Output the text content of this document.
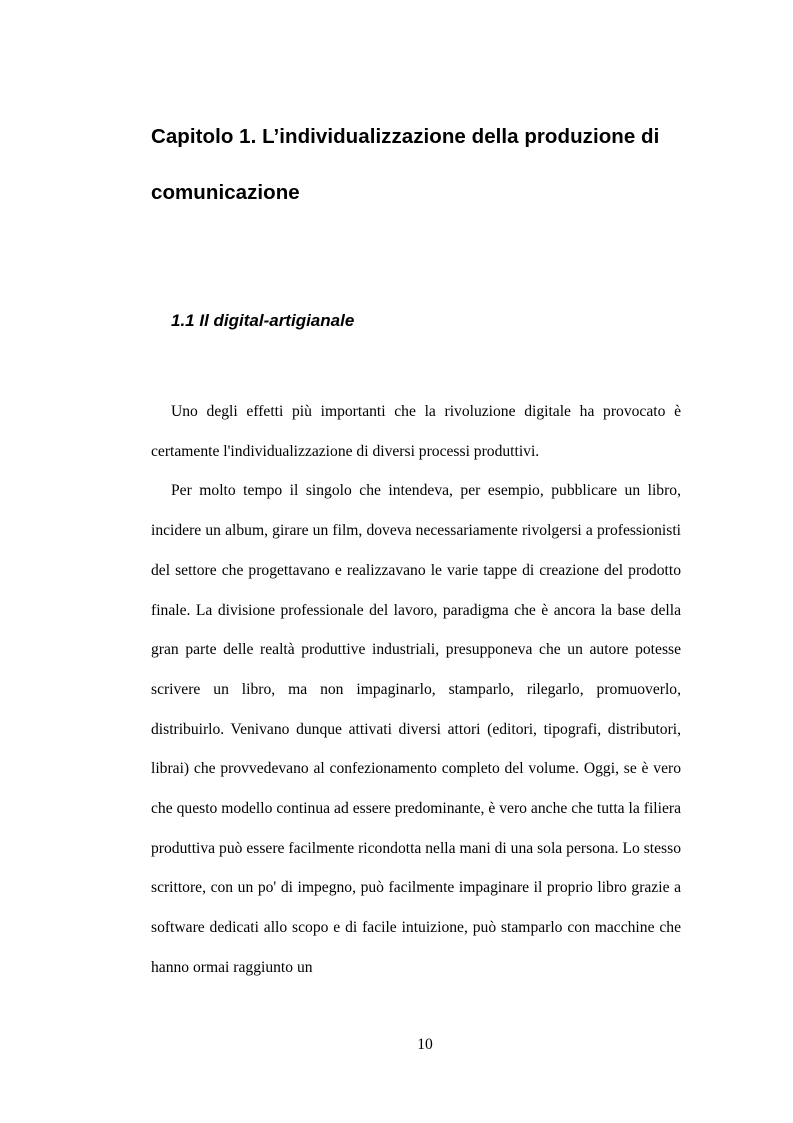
Capitolo 1. L’individualizzazione della produzione di comunicazione
1.1 Il digital-artigianale

Uno degli effetti più importanti che la rivoluzione digitale ha provocato è certamente l'individualizzazione di diversi processi produttivi.

Per molto tempo il singolo che intendeva, per esempio, pubblicare un libro, incidere un album, girare un film, doveva necessariamente rivolgersi a professionisti del settore che progettavano e realizzavano le varie tappe di creazione del prodotto finale. La divisione professionale del lavoro, paradigma che è ancora la base della gran parte delle realtà produttive industriali, presupponeva che un autore potesse scrivere un libro, ma non impaginarlo, stamparlo, rilegarlo, promuoverlo, distribuirlo. Venivano dunque attivati diversi attori (editori, tipografi, distributori, librai) che provvedevano al confezionamento completo del volume. Oggi, se è vero che questo modello continua ad essere predominante, è vero anche che tutta la filiera produttiva può essere facilmente ricondotta nella mani di una sola persona. Lo stesso scrittore, con un po' di impegno, può facilmente impaginare il proprio libro grazie a software dedicati allo scopo e di facile intuizione, può stamparlo con macchine che hanno ormai raggiunto un

10
